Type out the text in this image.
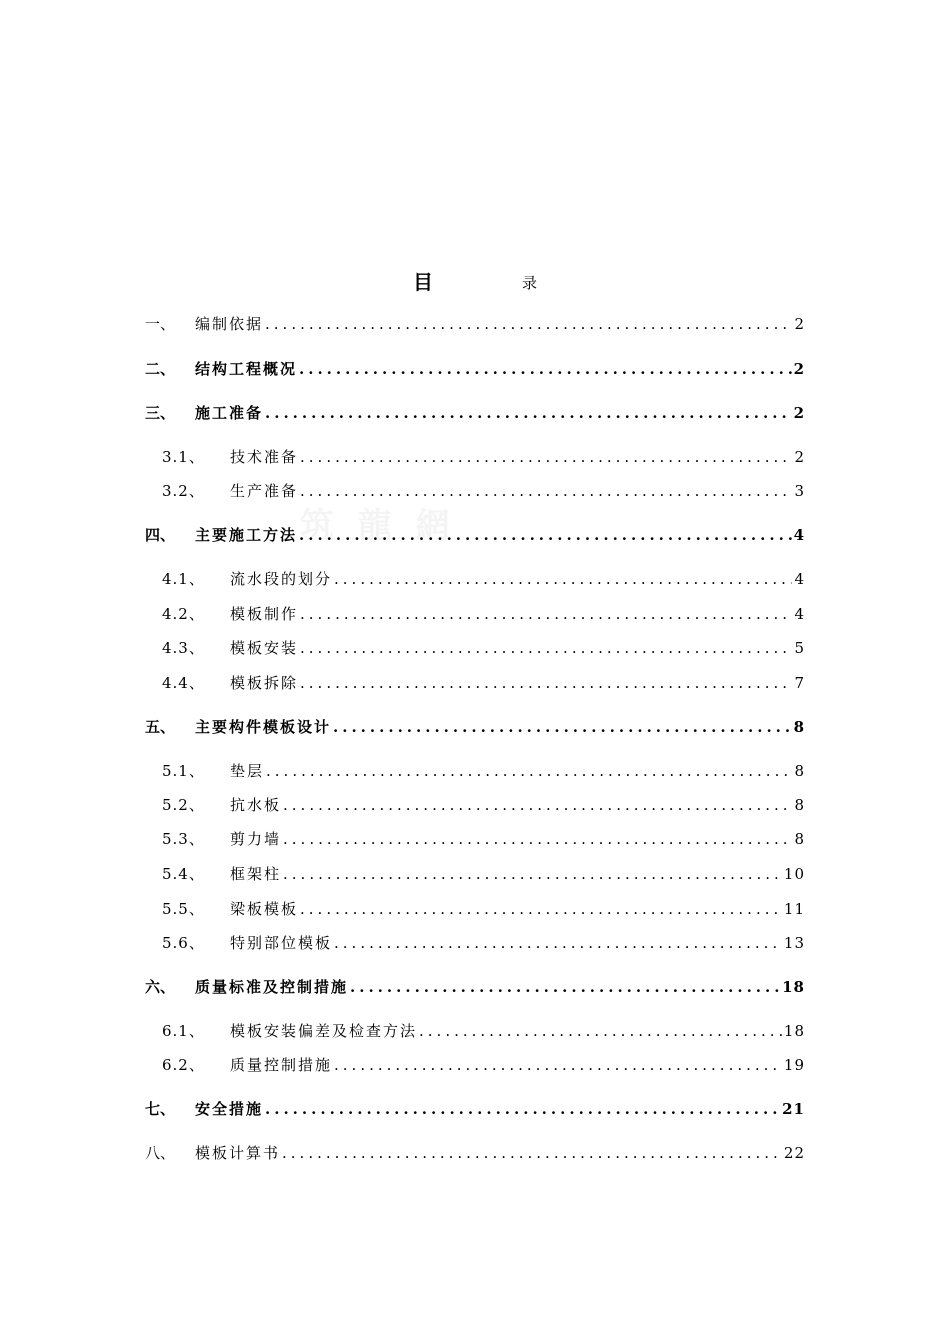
筑 龍 網
目	录
一、	编制依据 .....	2
二、	结构工程概况 .....	2
三、	施工准备 .....	2
3.1、	技术准备 .....	2
3.2、	生产准备 .....	3
四、	主要施工方法 .....	4
4.1、	流水段的划分 .....	4
4.2、	模板制作 .....	4
4.3、	模板安装 .....	5
4.4、	模板拆除 .....	7
五、	主要构件模板设计 .....	8
5.1、	垫层 .....	8
5.2、	抗水板 .....	8
5.3、	剪力墙 .....	8
5.4、	框架柱 .....	10
5.5、	梁板模板 .....	11
5.6、	特别部位模板 .....	13
六、	质量标准及控制措施 .....	18
6.1、	模板安装偏差及检查方法 .....	18
6.2、	质量控制措施 .....	19
七、	安全措施 .....	21
八、	模板计算书 .....	22
